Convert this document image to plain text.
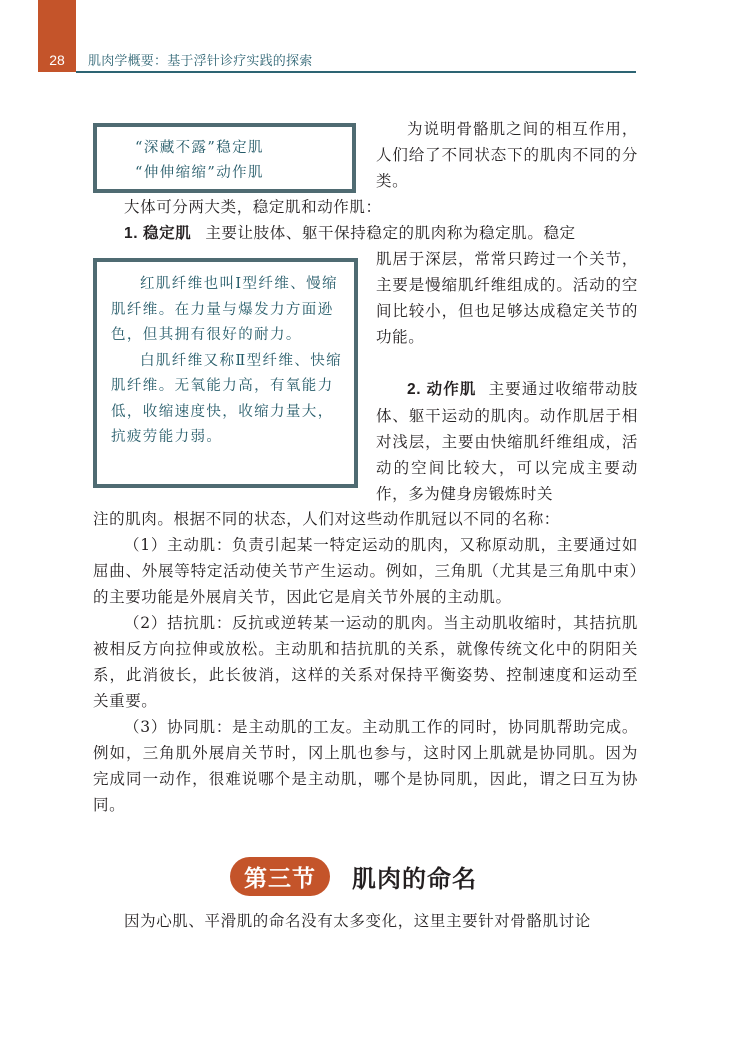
28 肌肉学概要：基于浮针诊疗实践的探索
“深藏不露”稳定肌
“伸伸缩缩”动作肌
为说明骨骼肌之间的相互作用，人们给了不同状态下的肌肉不同的分类。
大体可分两大类，稳定肌和动作肌：
1. 稳定肌 主要让肢体、躯干保持稳定的肌肉称为稳定肌。稳定

红肌纤维也叫Ⅰ型纤维、慢缩肌纤维。在力量与爆发力方面逊色，但其拥有很好的耐力。

白肌纤维又称Ⅱ型纤维、快缩肌纤维。无氧能力高，有氧能力低，收缩速度快，收缩力量大，抗疲劳能力弱。

肌居于深层，常常只跨过一个关节，主要是慢缩肌纤维组成的。活动的空间比较小，但也足够达成稳定关节的功能。
2. 动作肌 主要通过收缩带动肢体、躯干运动的肌肉。动作肌居于相对浅层，主要由快缩肌纤维组成，活动的空间比较大，可以完成主要动作，多为健身房锻炼时关
注的肌肉。根据不同的状态，人们对这些动作肌冠以不同的名称：

（1）主动肌：负责引起某一特定运动的肌肉，又称原动肌，主要通过如屈曲、外展等特定活动使关节产生运动。例如，三角肌（尤其是三角肌中束）的主要功能是外展肩关节，因此它是肩关节外展的主动肌。

（2）拮抗肌：反抗或逆转某一运动的肌肉。当主动肌收缩时，其拮抗肌被相反方向拉伸或放松。主动肌和拮抗肌的关系，就像传统文化中的阴阳关系，此消彼长，此长彼消，这样的关系对保持平衡姿势、控制速度和运动至关重要。

（3）协同肌：是主动肌的工友。主动肌工作的同时，协同肌帮助完成。例如，三角肌外展肩关节时，冈上肌也参与，这时冈上肌就是协同肌。因为完成同一动作，很难说哪个是主动肌，哪个是协同肌，因此，谓之曰互为协同。

第三节	肌肉的命名
因为心肌、平滑肌的命名没有太多变化，这里主要针对骨骼肌讨论
